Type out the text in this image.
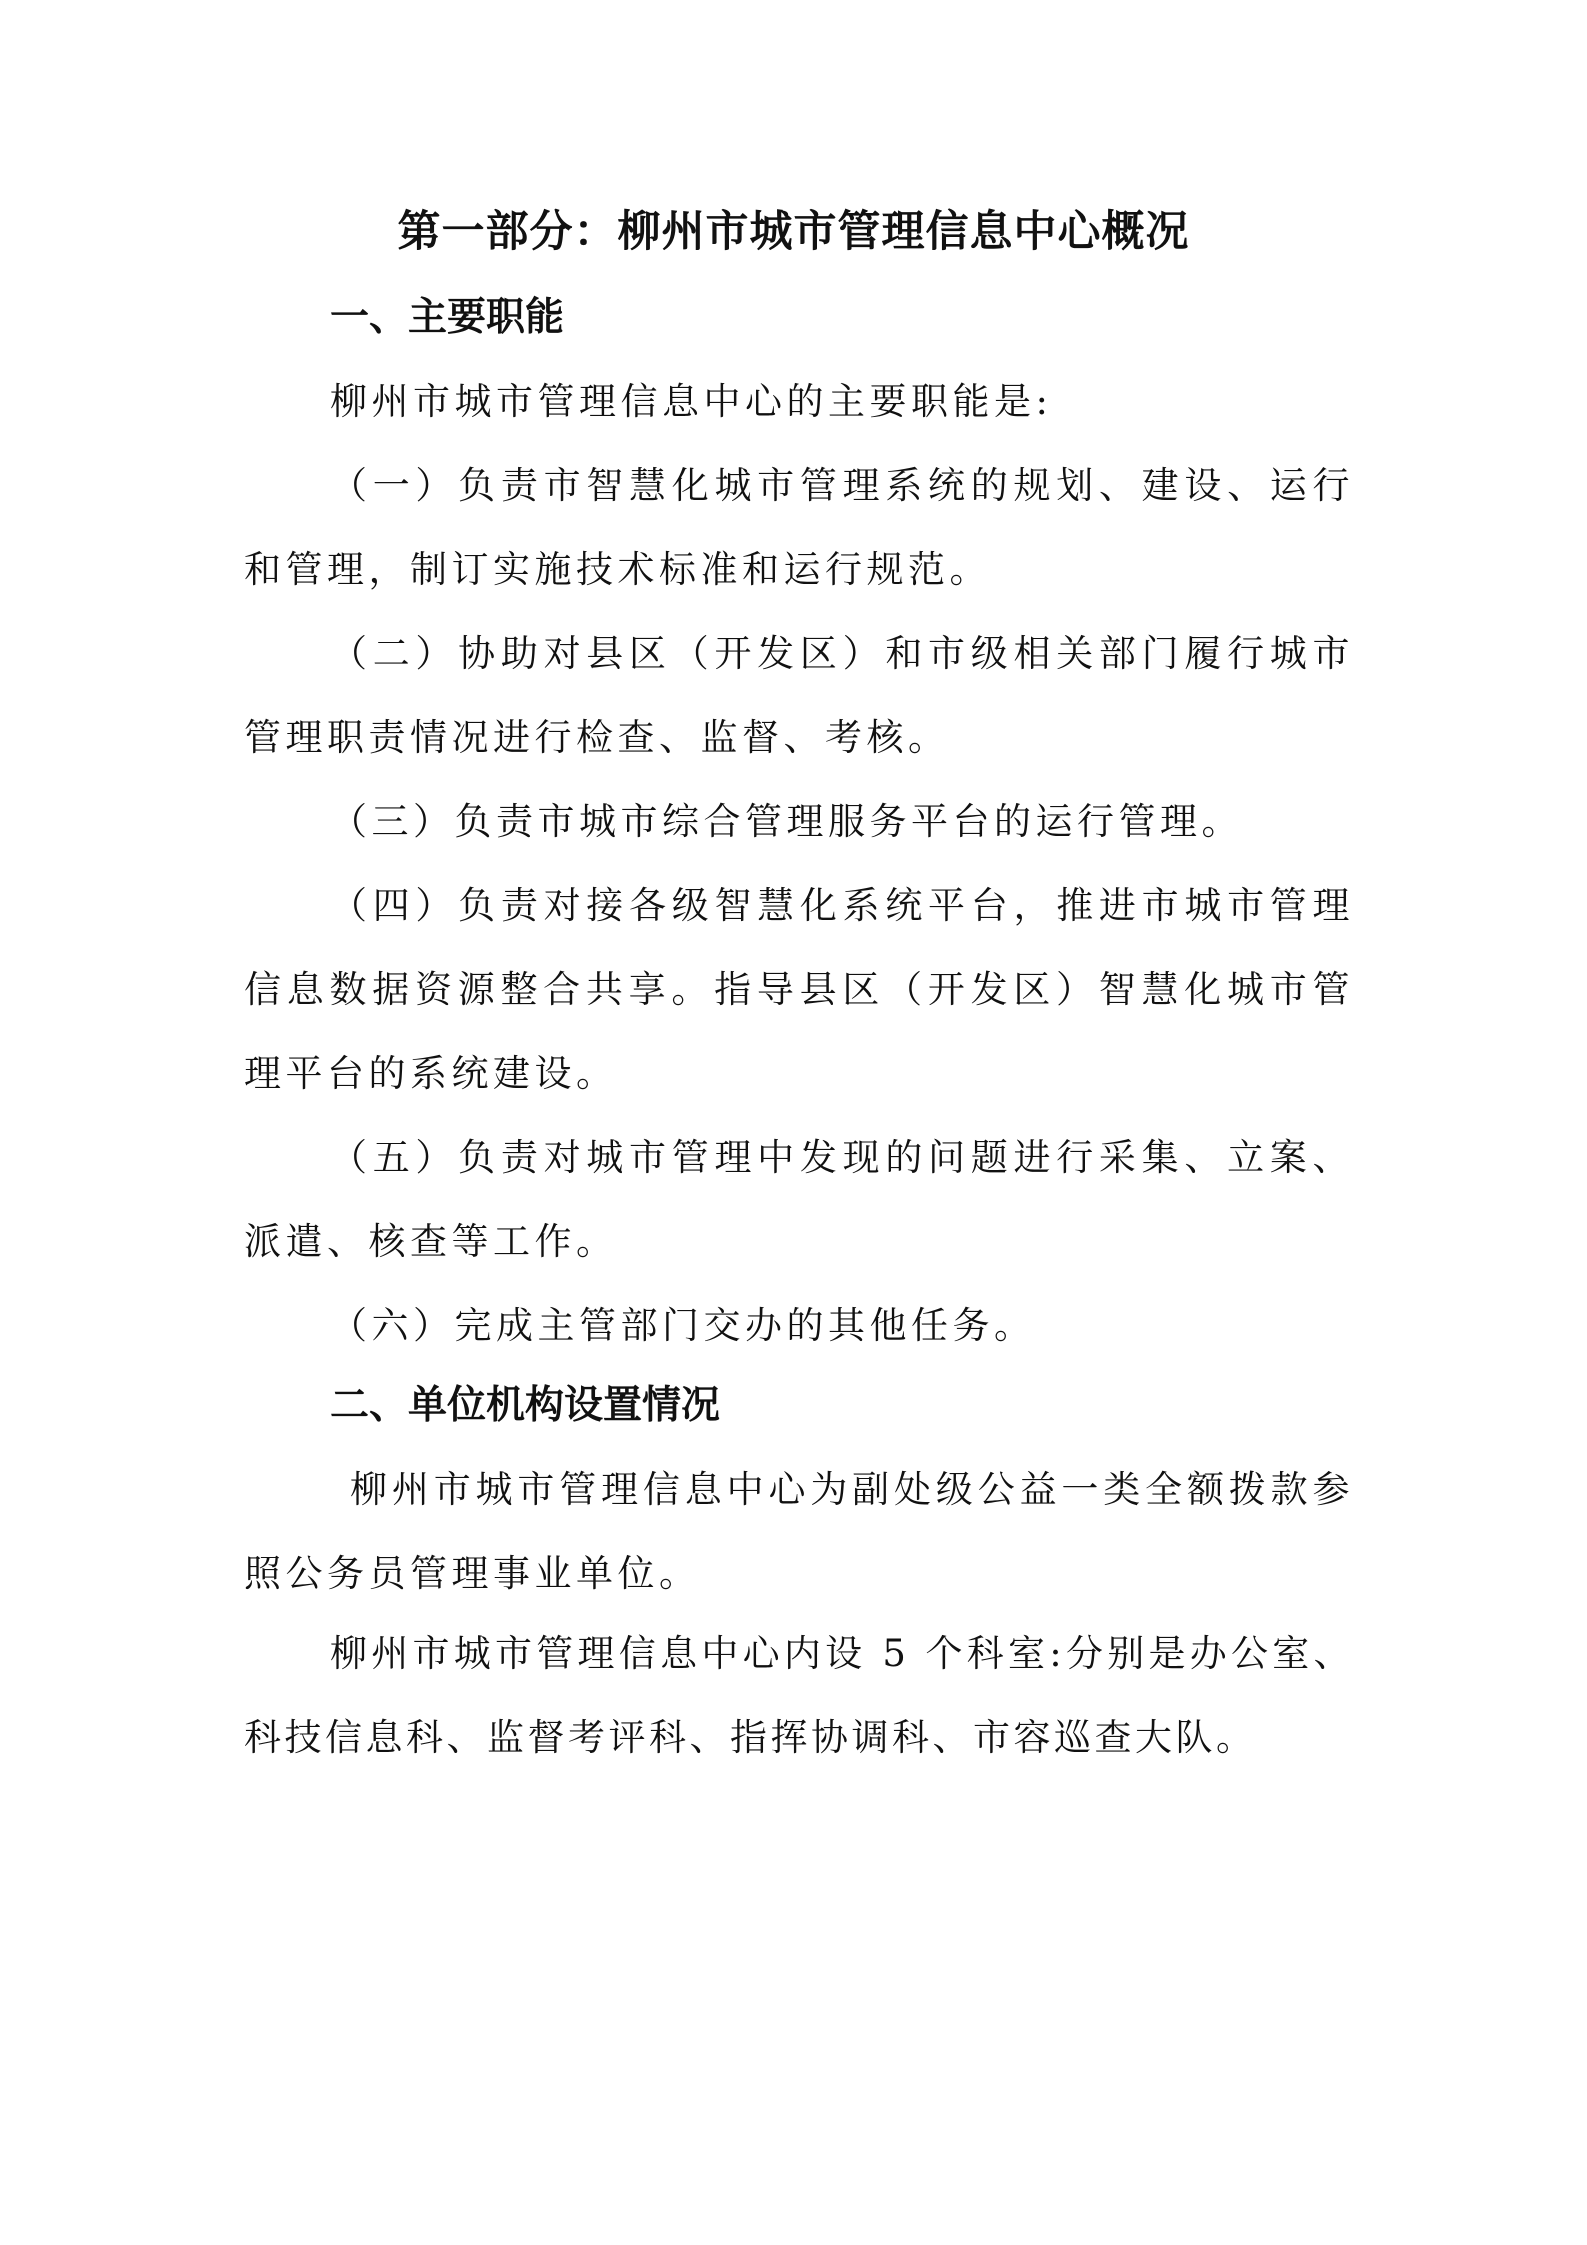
第一部分：柳州市城市管理信息中心概况
一、主要职能

柳州市城市管理信息中心的主要职能是:

（一）负责市智慧化城市管理系统的规划、建设、运行和管理，制订实施技术标准和运行规范。

（二）协助对县区（开发区）和市级相关部门履行城市管理职责情况进行检查、监督、考核。

（三）负责市城市综合管理服务平台的运行管理。

（四）负责对接各级智慧化系统平台，推进市城市管理信息数据资源整合共享。指导县区（开发区）智慧化城市管理平台的系统建设。

（五）负责对城市管理中发现的问题进行采集、立案、派遣、核查等工作。

（六）完成主管部门交办的其他任务。

二、单位机构设置情况

柳州市城市管理信息中心为副处级公益一类全额拨款参照公务员管理事业单位。

柳州市城市管理信息中心内设 5 个科室:分别是办公室、科技信息科、监督考评科、指挥协调科、市容巡查大队。
